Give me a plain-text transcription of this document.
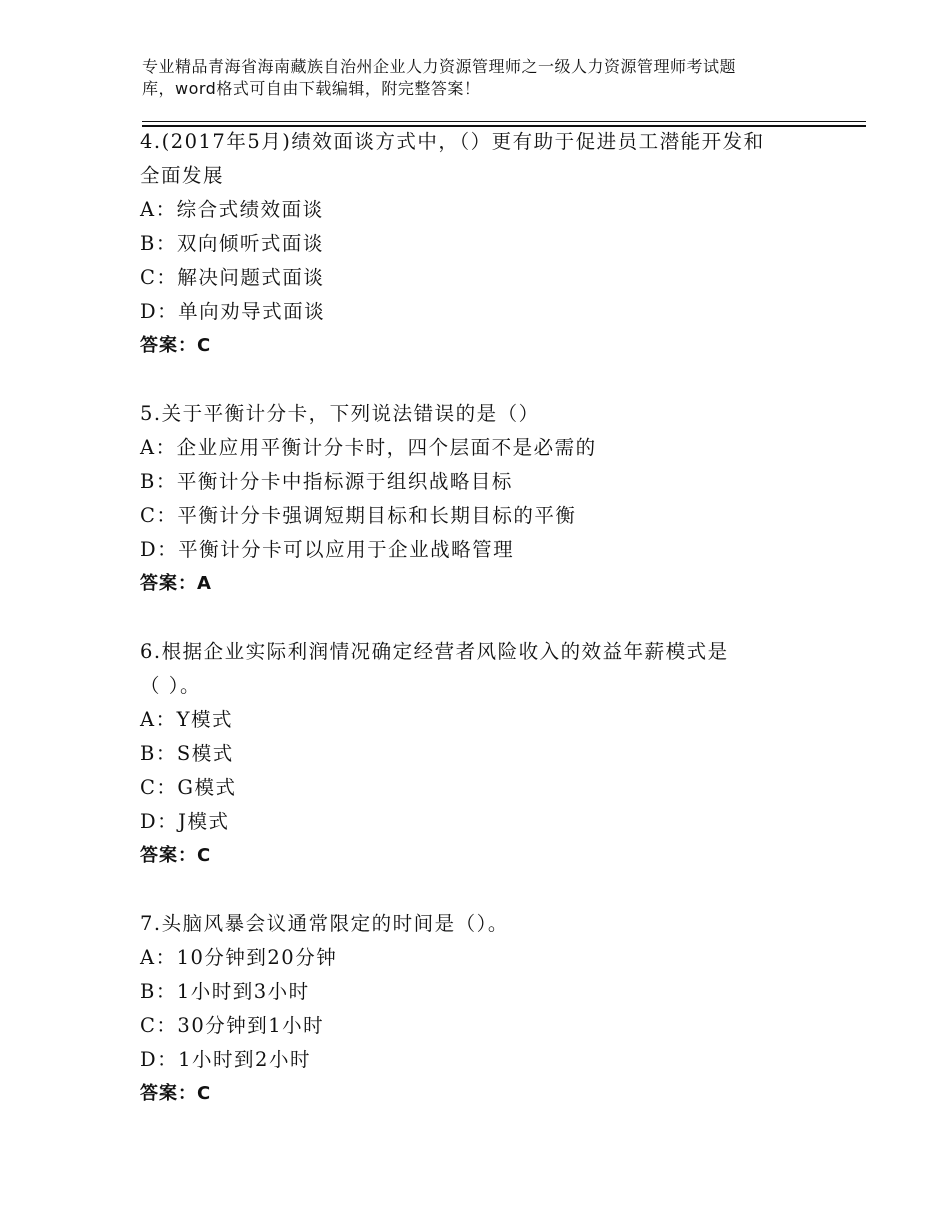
专业精品青海省海南藏族自治州企业人力资源管理师之一级人力资源管理师考试题
库，word格式可自由下载编辑，附完整答案！
4.(2017年5月)绩效面谈方式中，（）更有助于促进员工潜能开发和
全面发展
A：综合式绩效面谈
B：双向倾听式面谈
C：解决问题式面谈
D：单向劝导式面谈
答案：C
5.关于平衡计分卡，下列说法错误的是（）
A：企业应用平衡计分卡时，四个层面不是必需的
B：平衡计分卡中指标源于组织战略目标
C：平衡计分卡强调短期目标和长期目标的平衡
D：平衡计分卡可以应用于企业战略管理
答案：A
6.根据企业实际利润情况确定经营者风险收入的效益年薪模式是
（ ）。
A：Y模式
B：S模式
C：G模式
D：J模式
答案：C
7.头脑风暴会议通常限定的时间是（）。
A：10分钟到20分钟
B：1小时到3小时
C：30分钟到1小时
D：1小时到2小时
答案：C
